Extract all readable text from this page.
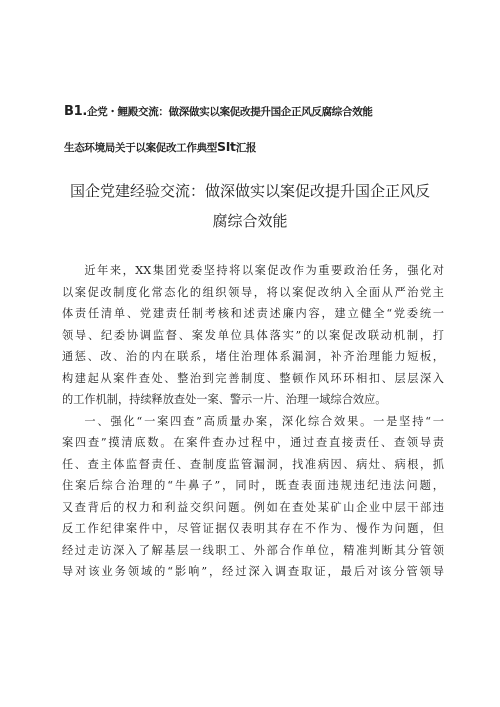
B1.企党・鲤殿交流：做深做实以案促改提升国企正风反腐综合效能
生态环境局关于以案促改工作典型SIt汇报
国企党建经验交流：做深做实以案促改提升国企正风反
腐综合效能
近年来，XX集团党委坚持将以案促改作为重要政治任务，强化对
以案促改制度化常态化的组织领导，将以案促改纳入全面从严治党主
体责任清单、党建责任制考核和述责述廉内容，建立健全“党委统一
领导、纪委协调监督、案发单位具体落实”的以案促改联动机制，打
通惩、改、治的内在联系，堵住治理体系漏洞，补齐治理能力短板，
构建起从案件查处、整治到完善制度、整顿作风环环相扣、层层深入
的工作机制，持续释放查处一案、警示一片、治理一域综合效应。
一、强化“一案四查”高质量办案，深化综合效果。一是坚持“一
案四查”摸清底数。在案件查办过程中，通过查直接责任、查领导责
任、查主体监督责任、查制度监管漏洞，找准病因、病灶、病根，抓
住案后综合治理的“牛鼻子”，同时，既查表面违规违纪违法问题，
又查背后的权力和利益交织问题。例如在查处某矿山企业中层干部违
反工作纪律案件中，尽管证据仅表明其存在不作为、慢作为问题，但
经过走访深入了解基层一线职工、外部合作单位，精准判断其分管领
导对该业务领域的“影响”，经过深入调查取证，最后对该分管领导
